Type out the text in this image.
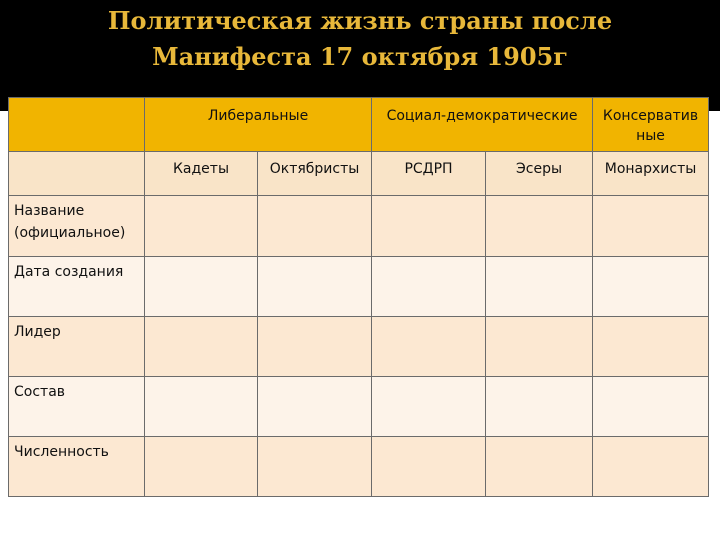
Политическая жизнь страны после
Манифеста 17 октября 1905г

	Либеральные		Социал-демократические		Консерватив ные

	Кадеты	Октябристы	РСДРП	Эсеры	Монархисты

Название (официальное)					

Дата создания					

Лидер					

Состав					

Численность					
